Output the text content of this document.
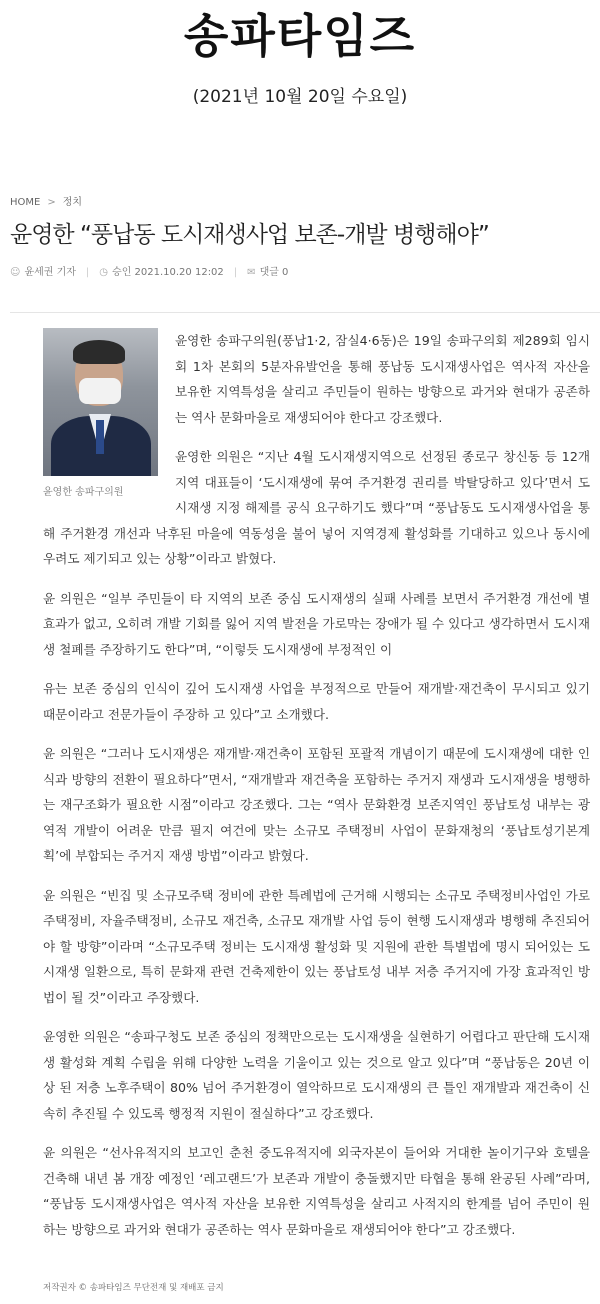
송파타임즈
(2021년 10월 20일 수요일)
HOME > 정치
윤영한 “풍납동 도시재생사업 보존-개발 병행해야”
☺ 윤세권 기자 | ◷ 승인 2021.10.20 12:02 | ✉ 댓글 0
윤영한 송파구의원

윤영한 송파구의원(풍납1·2, 잠실4·6동)은 19일 송파구의회 제289회 임시회 1차 본회의 5분자유발언을 통해 풍납동 도시재생사업은 역사적 자산을 보유한 지역특성을 살리고 주민들이 원하는 방향으로 과거와 현대가 공존하는 역사 문화마을로 재생되어야 한다고 강조했다.

윤영한 의원은 “지난 4월 도시재생지역으로 선정된 종로구 창신동 등 12개 지역 대표들이 ‘도시재생에 묶여 주거환경 권리를 박탈당하고 있다’면서 도시재생 지정 해제를 공식 요구하기도 했다”며 “풍납동도 도시재생사업을 통해 주거환경 개선과 낙후된 마을에 역동성을 불어 넣어 지역경제 활성화를 기대하고 있으나 동시에 우려도 제기되고 있는 상황”이라고 밝혔다.

윤 의원은 “일부 주민들이 타 지역의 보존 중심 도시재생의 실패 사례를 보면서 주거환경 개선에 별 효과가 없고, 오히려 개발 기회를 잃어 지역 발전을 가로막는 장애가 될 수 있다고 생각하면서 도시재생 철폐를 주장하기도 한다”며, “이렇듯 도시재생에 부정적인 이

유는 보존 중심의 인식이 깊어 도시재생 사업을 부정적으로 만들어 재개발·재건축이 무시되고 있기 때문이라고 전문가들이 주장하 고 있다”고 소개했다.

윤 의원은 “그러나 도시재생은 재개발·재건축이 포함된 포괄적 개념이기 때문에 도시재생에 대한 인식과 방향의 전환이 필요하다”면서, “재개발과 재건축을 포함하는 주거지 재생과 도시재생을 병행하는 재구조화가 필요한 시점”이라고 강조했다. 그는 “역사 문화환경 보존지역인 풍납토성 내부는 광역적 개발이 어려운 만큼 필지 여건에 맞는 소규모 주택정비 사업이 문화재청의 ‘풍납토성기본계획’에 부합되는 주거지 재생 방법”이라고 밝혔다.

윤 의원은 “빈집 및 소규모주택 정비에 관한 특례법에 근거해 시행되는 소규모 주택정비사업인 가로주택정비, 자율주택정비, 소규모 재건축, 소규모 재개발 사업 등이 현행 도시재생과 병행해 추진되어야 할 방향”이라며 “소규모주택 정비는 도시재생 활성화 및 지원에 관한 특별법에 명시 되어있는 도시재생 일환으로, 특히 문화재 관련 건축제한이 있는 풍납토성 내부 저층 주거지에 가장 효과적인 방법이 될 것”이라고 주장했다.

윤영한 의원은 “송파구청도 보존 중심의 정책만으로는 도시재생을 실현하기 어렵다고 판단해 도시재생 활성화 계획 수립을 위해 다양한 노력을 기울이고 있는 것으로 알고 있다”며 “풍납동은 20년 이상 된 저층 노후주택이 80% 넘어 주거환경이 열악하므로 도시재생의 큰 틀인 재개발과 재건축이 신속히 추진될 수 있도록 행정적 지원이 절실하다”고 강조했다.

윤 의원은 “선사유적지의 보고인 춘천 중도유적지에 외국자본이 들어와 거대한 놀이기구와 호텔을 건축해 내년 봄 개장 예정인 ‘레고랜드’가 보존과 개발이 충돌했지만 타협을 통해 완공된 사례”라며, “풍납동 도시재생사업은 역사적 자산을 보유한 지역특성을 살리고 사적지의 한계를 넘어 주민이 원하는 방향으로 과거와 현대가 공존하는 역사 문화마을로 재생되어야 한다”고 강조했다.

저작권자 © 송파타임즈 무단전재 및 재배포 금지
